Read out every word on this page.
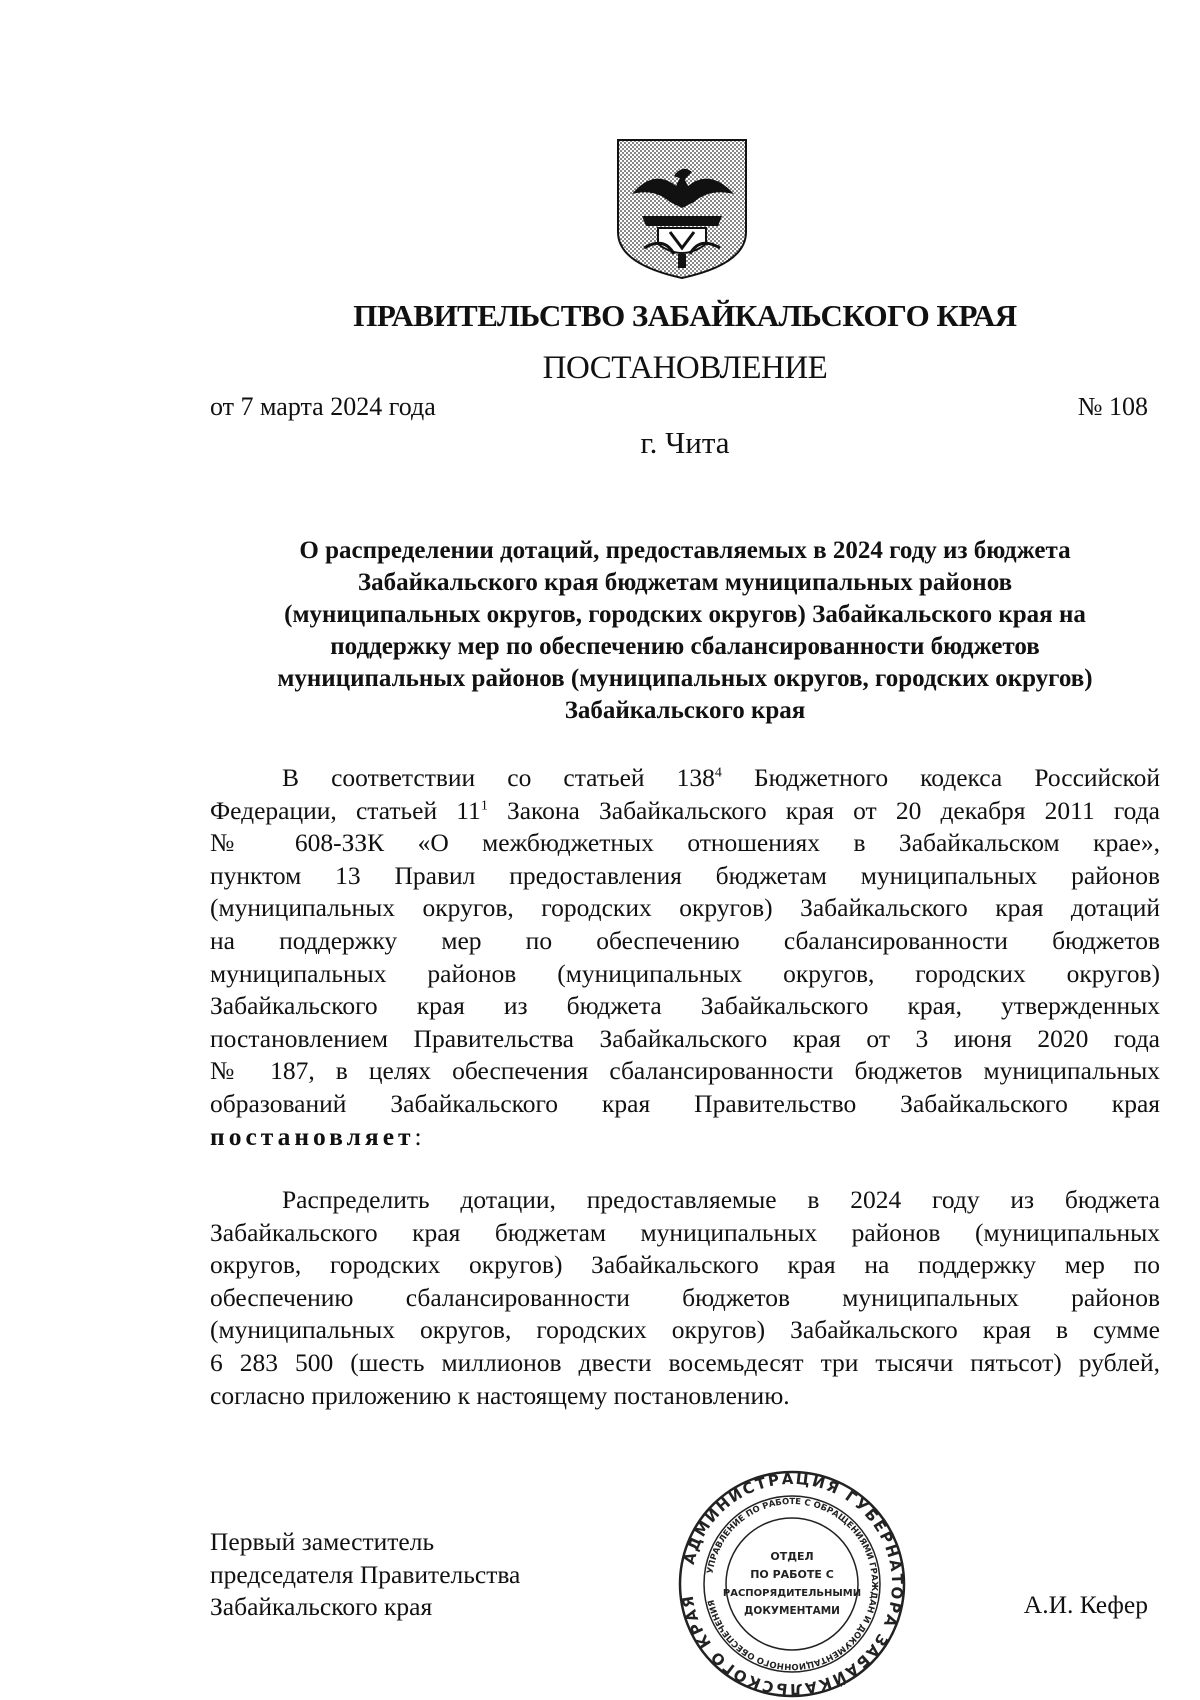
ПРАВИТЕЛЬСТВО ЗАБАЙКАЛЬСКОГО КРАЯ
ПОСТАНОВЛЕНИЕ
от 7 марта 2024 года	№ 108
г. Чита

О распределении дотаций, предоставляемых в 2024 году из бюджета
Забайкальского края бюджетам муниципальных районов
(муниципальных округов, городских округов) Забайкальского края на
поддержку мер по обеспечению сбалансированности бюджетов
муниципальных районов (муниципальных округов, городских округов)
Забайкальского края

В соответствии со статьей $138^4$ Бюджетного кодекса Российской
Федерации, статьей $11^1$ Закона Забайкальского края от 20 декабря 2011 года
№ 608-ЗЗК «О межбюджетных отношениях в Забайкальском крае»,
пунктом 13 Правил предоставления бюджетам муниципальных районов
(муниципальных округов, городских округов) Забайкальского края дотаций
на поддержку мер по обеспечению сбалансированности бюджетов
муниципальных районов (муниципальных округов, городских округов)
Забайкальского края из бюджета Забайкальского края, утвержденных
постановлением Правительства Забайкальского края от 3 июня 2020 года
№ 187, в целях обеспечения сбалансированности бюджетов муниципальных
образований Забайкальского края Правительство Забайкальского края
постановляет:
Распределить дотации, предоставляемые в 2024 году из бюджета
Забайкальского края бюджетам муниципальных районов (муниципальных
округов, городских округов) Забайкальского края на поддержку мер по
обеспечению сбалансированности бюджетов муниципальных районов
(муниципальных округов, городских округов) Забайкальского края в сумме
6 283 500 (шесть миллионов двести восемьдесят три тысячи пятьсот) рублей,
согласно приложению к настоящему постановлению.
Первый заместитель
председателя Правительства
Забайкальского края	А.И. Кефер
АДМИНИСТРАЦИЯ ГУБЕРНАТОРА ЗАБАЙКАЛЬСКОГО КРАЯ
УПРАВЛЕНИЕ ПО РАБОТЕ С ОБРАЩЕНИЯМИ ГРАЖДАН И ДОКУМЕНТАЦИОННОГО ОБЕСПЕЧЕНИЯ
ОТДЕЛ
ПО РАБОТЕ С
РАСПОРЯДИТЕЛЬНЫМИ
ДОКУМЕНТАМИ
